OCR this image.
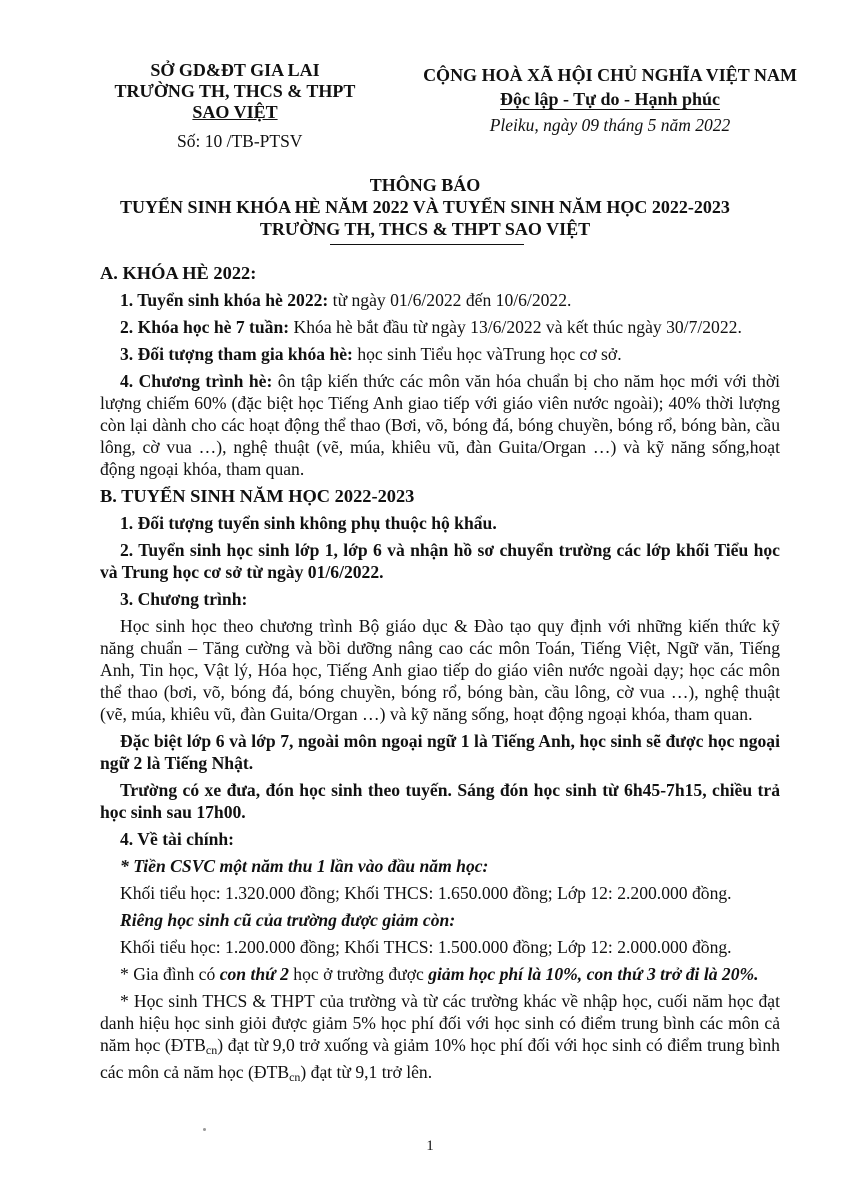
SỞ GD&ĐT GIA LAI
TRƯỜNG TH, THCS & THPT
SAO VIỆT
Số: 10 /TB-PTSV
CỘNG HOÀ XÃ HỘI CHỦ NGHĨA VIỆT NAM
Độc lập - Tự do - Hạnh phúc
Pleiku, ngày 09 tháng 5 năm 2022
THÔNG BÁO
TUYỂN SINH KHÓA HÈ NĂM 2022 VÀ TUYỂN SINH NĂM HỌC 2022-2023
TRƯỜNG TH, THCS & THPT SAO VIỆT

A. KHÓA HÈ 2022:

1. Tuyển sinh khóa hè 2022: từ ngày 01/6/2022 đến 10/6/2022.

2. Khóa học hè 7 tuần: Khóa hè bắt đầu từ ngày 13/6/2022 và kết thúc ngày 30/7/2022.

3. Đối tượng tham gia khóa hè: học sinh Tiểu học vàTrung học cơ sở.

4. Chương trình hè: ôn tập kiến thức các môn văn hóa chuẩn bị cho năm học mới với thời lượng chiếm 60% (đặc biệt học Tiếng Anh giao tiếp với giáo viên nước ngoài); 40% thời lượng còn lại dành cho các hoạt động thể thao (Bơi, võ, bóng đá, bóng chuyền, bóng rổ, bóng bàn, cầu lông, cờ vua …), nghệ thuật (vẽ, múa, khiêu vũ, đàn Guita/Organ …) và kỹ năng sống,hoạt động ngoại khóa, tham quan.

B. TUYỂN SINH NĂM HỌC 2022-2023

1. Đối tượng tuyển sinh không phụ thuộc hộ khẩu.

2. Tuyển sinh học sinh lớp 1, lớp 6 và nhận hồ sơ chuyển trường các lớp khối Tiểu học và Trung học cơ sở từ ngày 01/6/2022.

3. Chương trình:

Học sinh học theo chương trình Bộ giáo dục & Đào tạo quy định với những kiến thức kỹ năng chuẩn – Tăng cường và bồi dưỡng nâng cao các môn Toán, Tiếng Việt, Ngữ văn, Tiếng Anh, Tin học, Vật lý, Hóa học, Tiếng Anh giao tiếp do giáo viên nước ngoài dạy; học các môn thể thao (bơi, võ, bóng đá, bóng chuyền, bóng rổ, bóng bàn, cầu lông, cờ vua …), nghệ thuật (vẽ, múa, khiêu vũ, đàn Guita/Organ …) và kỹ năng sống, hoạt động ngoại khóa, tham quan.

Đặc biệt lớp 6 và lớp 7, ngoài môn ngoại ngữ 1 là Tiếng Anh, học sinh sẽ được học ngoại ngữ 2 là Tiếng Nhật.

Trường có xe đưa, đón học sinh theo tuyến. Sáng đón học sinh từ 6h45-7h15, chiều trả học sinh sau 17h00.

4. Về tài chính:

* Tiền CSVC một năm thu 1 lần vào đầu năm học:

Khối tiểu học: 1.320.000 đồng; Khối THCS: 1.650.000 đồng; Lớp 12: 2.200.000 đồng.

Riêng học sinh cũ của trường được giảm còn:

Khối tiểu học: 1.200.000 đồng; Khối THCS: 1.500.000 đồng; Lớp 12: 2.000.000 đồng.

* Gia đình có con thứ 2 học ở trường được giảm học phí là 10%, con thứ 3 trở đi là 20%.

* Học sinh THCS & THPT của trường và từ các trường khác về nhập học, cuối năm học đạt danh hiệu học sinh giỏi được giảm 5% học phí đối với học sinh có điểm trung bình các môn cả năm học $(ĐTB_{cn})$ đạt từ 9,0 trở xuống và giảm 10% học phí đối với học sinh có điểm trung bình các môn cả năm học $(ĐTB_{cn})$ đạt từ 9,1 trở lên.

1
